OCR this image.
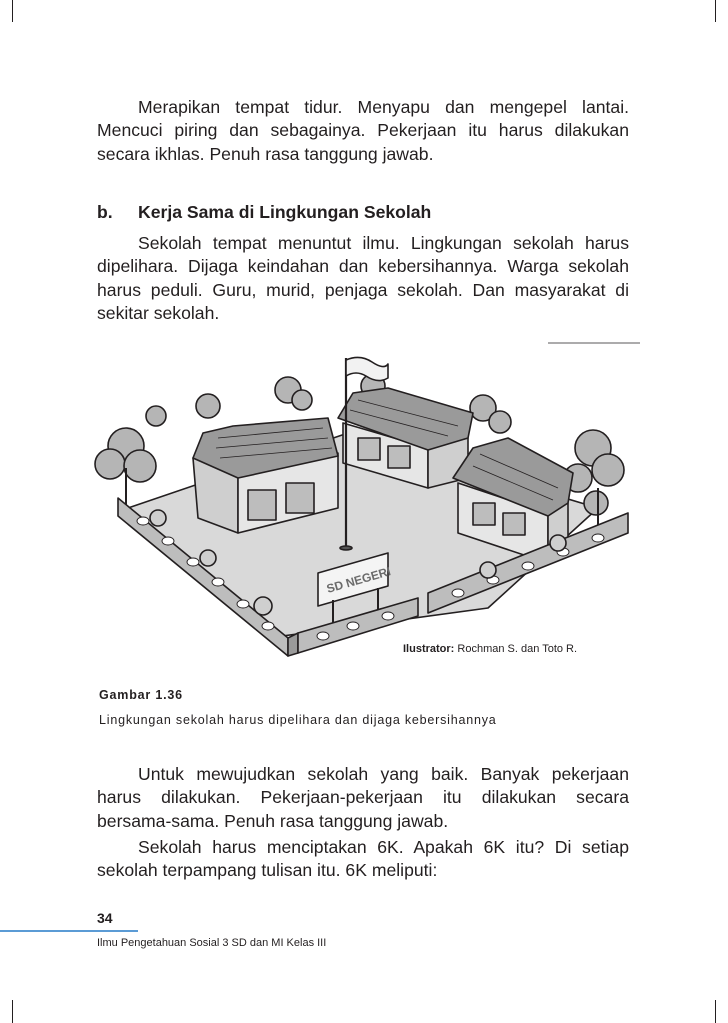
Merapikan tempat tidur. Menyapu dan mengepel lantai. Mencuci piring dan sebagainya. Pekerjaan itu harus dilakukan secara ikhlas. Penuh rasa tanggung jawab.

b. Kerja Sama di Lingkungan Sekolah

Sekolah tempat menuntut ilmu. Lingkungan sekolah harus dipelihara. Dijaga keindahan dan kebersihannya. Warga sekolah harus peduli. Guru, murid, penjaga sekolah. Dan masyarakat di sekitar sekolah.

SD NEGERI
Ilustrator: Rochman S. dan Toto R.
Gambar 1.36
Lingkungan sekolah harus dipelihara dan dijaga kebersihannya

Untuk mewujudkan sekolah yang baik. Banyak pekerjaan harus dilakukan. Pekerjaan-pekerjaan itu dilakukan secara bersama-sama. Penuh rasa tanggung jawab.

Sekolah harus menciptakan 6K. Apakah 6K itu? Di setiap sekolah terpampang tulisan itu. 6K meliputi:

34
Ilmu Pengetahuan Sosial 3 SD dan MI Kelas III
